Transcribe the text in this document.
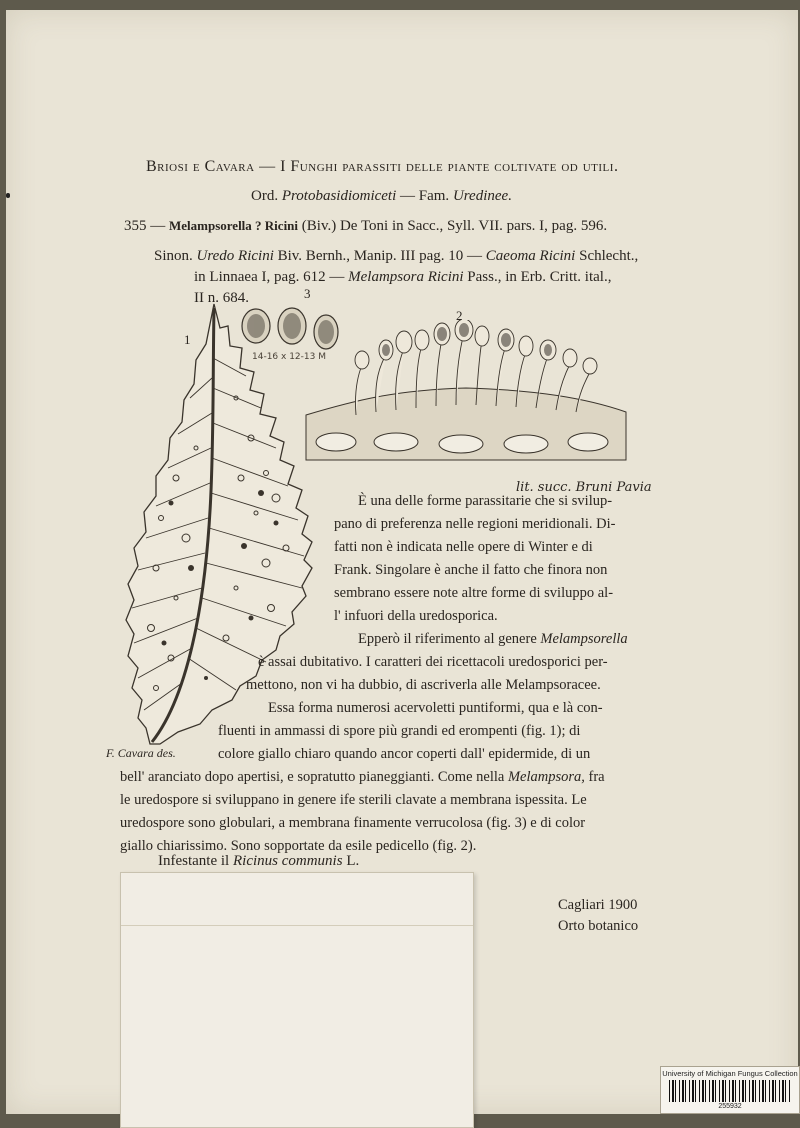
Briosi e Cavara — I Funghi parassiti delle piante coltivate od utili.
Ord. Protobasidiomiceti — Fam. Uredinee.
355 — Melampsorella ? Ricini (Biv.) De Toni in Sacc., Syll. VII. pars. I, pag. 596.
Sinon. Uredo Ricini Biv. Bernh., Manip. III pag. 10 — Caeoma Ricini Schlecht.,
in Linnaea I, pag. 612 — Melampsora Ricini Pass., in Erb. Critt. ital.,
II n. 684.
1
F. Cavara des.
3
14-16 x 12-13 M
2
lit. succ. Bruni Pavia
È una delle forme parassitarie che si svilup-
pano di preferenza nelle regioni meridionali. Di-
fatti non è indicata nelle opere di Winter e di
Frank. Singolare è anche il fatto che finora non
sembrano essere note altre forme di sviluppo al-
l' infuori della uredosporica.
Epperò il riferimento al genere Melampsorella
è assai dubitativo. I caratteri dei ricettacoli uredosporici per-
mettono, non vi ha dubbio, di ascriverla alle Melampsoracee.
Essa forma numerosi acervoletti puntiformi, qua e là con-
fluenti in ammassi di spore più grandi ed erompenti (fig. 1); di
colore giallo chiaro quando ancor coperti dall' epidermide, di un
bell' aranciato dopo apertisi, e sopratutto pianeggianti. Come nella Melampsora, fra
le uredospore si sviluppano in genere ife sterili clavate a membrana ispessita. Le
uredospore sono globulari, a membrana finamente verrucolosa (fig. 3) e di color
giallo chiarissimo. Sono sopportate da esile pedicello (fig. 2).
Infestante il Ricinus communis L.
Cagliari 1900
Orto botanico
University of Michigan Fungus Collection
255932
